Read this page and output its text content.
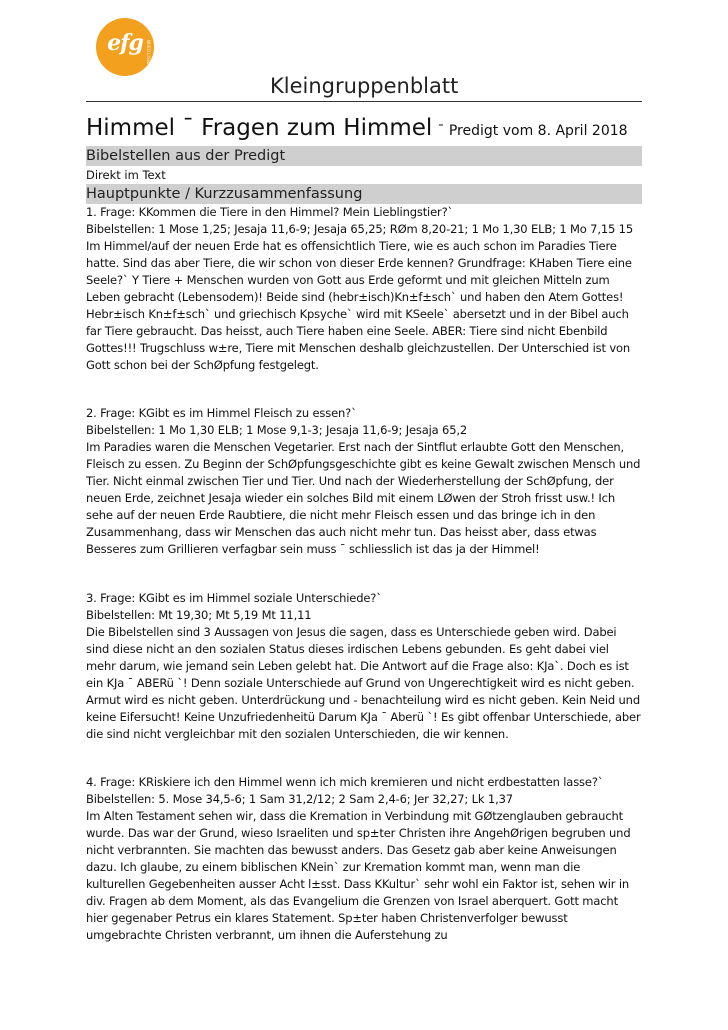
efg WIEDLISBACH
Kleingruppenblatt
Himmel ¯ Fragen zum Himmel ¯ Predigt vom 8. April 2018
Bibelstellen aus der Predigt
Direkt im Text
Hauptpunkte / Kurzzusammenfassung

1. Frage: KKommen die Tiere in den Himmel? Mein Lieblingstier?`

Bibelstellen: 1 Mose 1,25; Jesaja 11,6-9; Jesaja 65,25; RØm 8,20-21; 1 Mo 1,30 ELB; 1 Mo 7,15 15

Im Himmel/auf der neuen Erde hat es offensichtlich Tiere, wie es auch schon im Paradies Tiere hatte. Sind das aber Tiere, die wir schon von dieser Erde kennen? Grundfrage: KHaben Tiere eine Seele?` Y Tiere + Menschen wurden von Gott aus Erde geformt und mit gleichen Mitteln zum Leben gebracht (Lebensodem)! Beide sind (hebr±isch)Kn±f±sch` und haben den Atem Gottes! Hebr±isch Kn±f±sch` und griechisch Kpsyche` wird mit KSeele` abersetzt und in der Bibel auch far Tiere gebraucht. Das heisst, auch Tiere haben eine Seele. ABER: Tiere sind nicht Ebenbild Gottes!!! Trugschluss w±re, Tiere mit Menschen deshalb gleichzustellen. Der Unterschied ist von Gott schon bei der SchØpfung festgelegt.

2. Frage: KGibt es im Himmel Fleisch zu essen?`

Bibelstellen: 1 Mo 1,30 ELB; 1 Mose 9,1-3; Jesaja 11,6-9; Jesaja 65,2

Im Paradies waren die Menschen Vegetarier. Erst nach der Sintflut erlaubte Gott den Menschen, Fleisch zu essen. Zu Beginn der SchØpfungsgeschichte gibt es keine Gewalt zwischen Mensch und Tier. Nicht einmal zwischen Tier und Tier. Und nach der Wiederherstellung der SchØpfung, der neuen Erde, zeichnet Jesaja wieder ein solches Bild mit einem LØwen der Stroh frisst usw.! Ich sehe auf der neuen Erde Raubtiere, die nicht mehr Fleisch essen und das bringe ich in den Zusammenhang, dass wir Menschen das auch nicht mehr tun. Das heisst aber, dass etwas Besseres zum Grillieren verfagbar sein muss ¯ schliesslich ist das ja der Himmel!

3. Frage: KGibt es im Himmel soziale Unterschiede?`

Bibelstellen: Mt 19,30; Mt 5,19 Mt 11,11

Die Bibelstellen sind 3 Aussagen von Jesus die sagen, dass es Unterschiede geben wird. Dabei sind diese nicht an den sozialen Status dieses irdischen Lebens gebunden. Es geht dabei viel mehr darum, wie jemand sein Leben gelebt hat. Die Antwort auf die Frage also: KJa`. Doch es ist ein KJa ¯ ABERü `! Denn soziale Unterschiede auf Grund von Ungerechtigkeit wird es nicht geben. Armut wird es nicht geben. Unterdrückung und - benachteilung wird es nicht geben. Kein Neid und keine Eifersucht! Keine Unzufriedenheitü Darum KJa ¯ Aberü `! Es gibt offenbar Unterschiede, aber die sind nicht vergleichbar mit den sozialen Unterschieden, die wir kennen.

4. Frage: KRiskiere ich den Himmel wenn ich mich kremieren und nicht erdbestatten lasse?`

Bibelstellen: 5. Mose 34,5-6; 1 Sam 31,2/12; 2 Sam 2,4-6; Jer 32,27; Lk 1,37

Im Alten Testament sehen wir, dass die Kremation in Verbindung mit GØtzenglauben gebraucht wurde. Das war der Grund, wieso Israeliten und sp±ter Christen ihre AngehØrigen begruben und nicht verbrannten. Sie machten das bewusst anders. Das Gesetz gab aber keine Anweisungen dazu. Ich glaube, zu einem biblischen KNein` zur Kremation kommt man, wenn man die kulturellen Gegebenheiten ausser Acht l±sst. Dass KKultur` sehr wohl ein Faktor ist, sehen wir in div. Fragen ab dem Moment, als das Evangelium die Grenzen von Israel aberquert. Gott macht hier gegenaber Petrus ein klares Statement. Sp±ter haben Christenverfolger bewusst umgebrachte Christen verbrannt, um ihnen die Auferstehung zu
